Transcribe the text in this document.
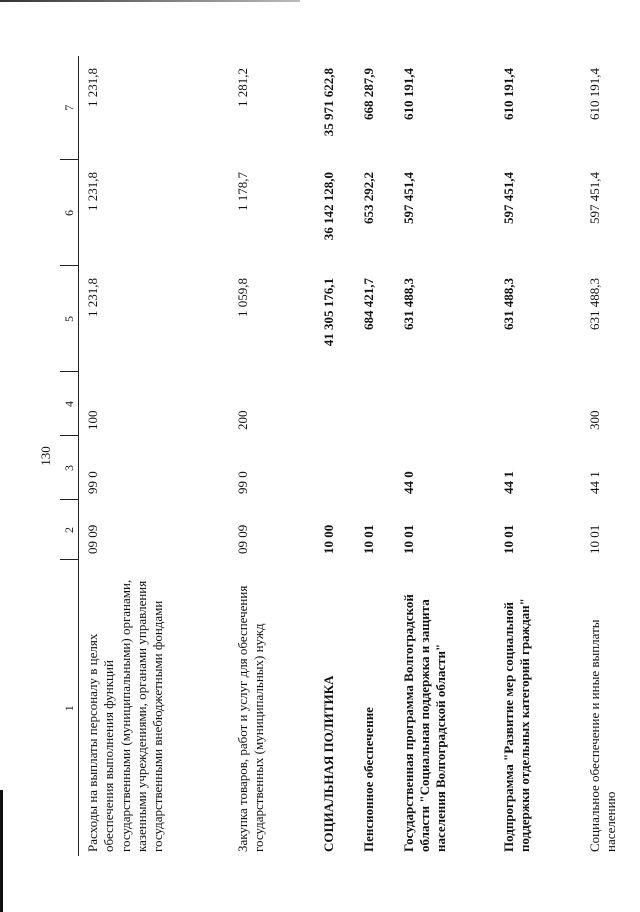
130
1	2	3	4	5	6	7
Расходы на выплаты персоналу в целях обеспечения выполнения функций государственными (муниципальными) органами, казенными учреждениями, органами управления государственными внебюджетными фондами	09 09	99 0	100	1 231,8	1 231,8	1 231,8
Закупка товаров, работ и услуг для обеспечения государственных (муниципальных) нужд	09 09	99 0	200	1 059,8	1 178,7	1 281,2
СОЦИАЛЬНАЯ ПОЛИТИКА	10 00			41 305 176,1	36 142 128,0	35 971 622,8
Пенсионное обеспечение	10 01			684 421,7	653 292,2	668 287,9
Государственная программа Волгоградской области "Социальная поддержка и защита населения Волгоградской области"	10 01	44 0		631 488,3	597 451,4	610 191,4
Подпрограмма "Развитие мер социальной поддержки отдельных категорий граждан"	10 01	44 1		631 488,3	597 451,4	610 191,4
Социальное обеспечение и иные выплаты населению	10 01	44 1	300	631 488,3	597 451,4	610 191,4
